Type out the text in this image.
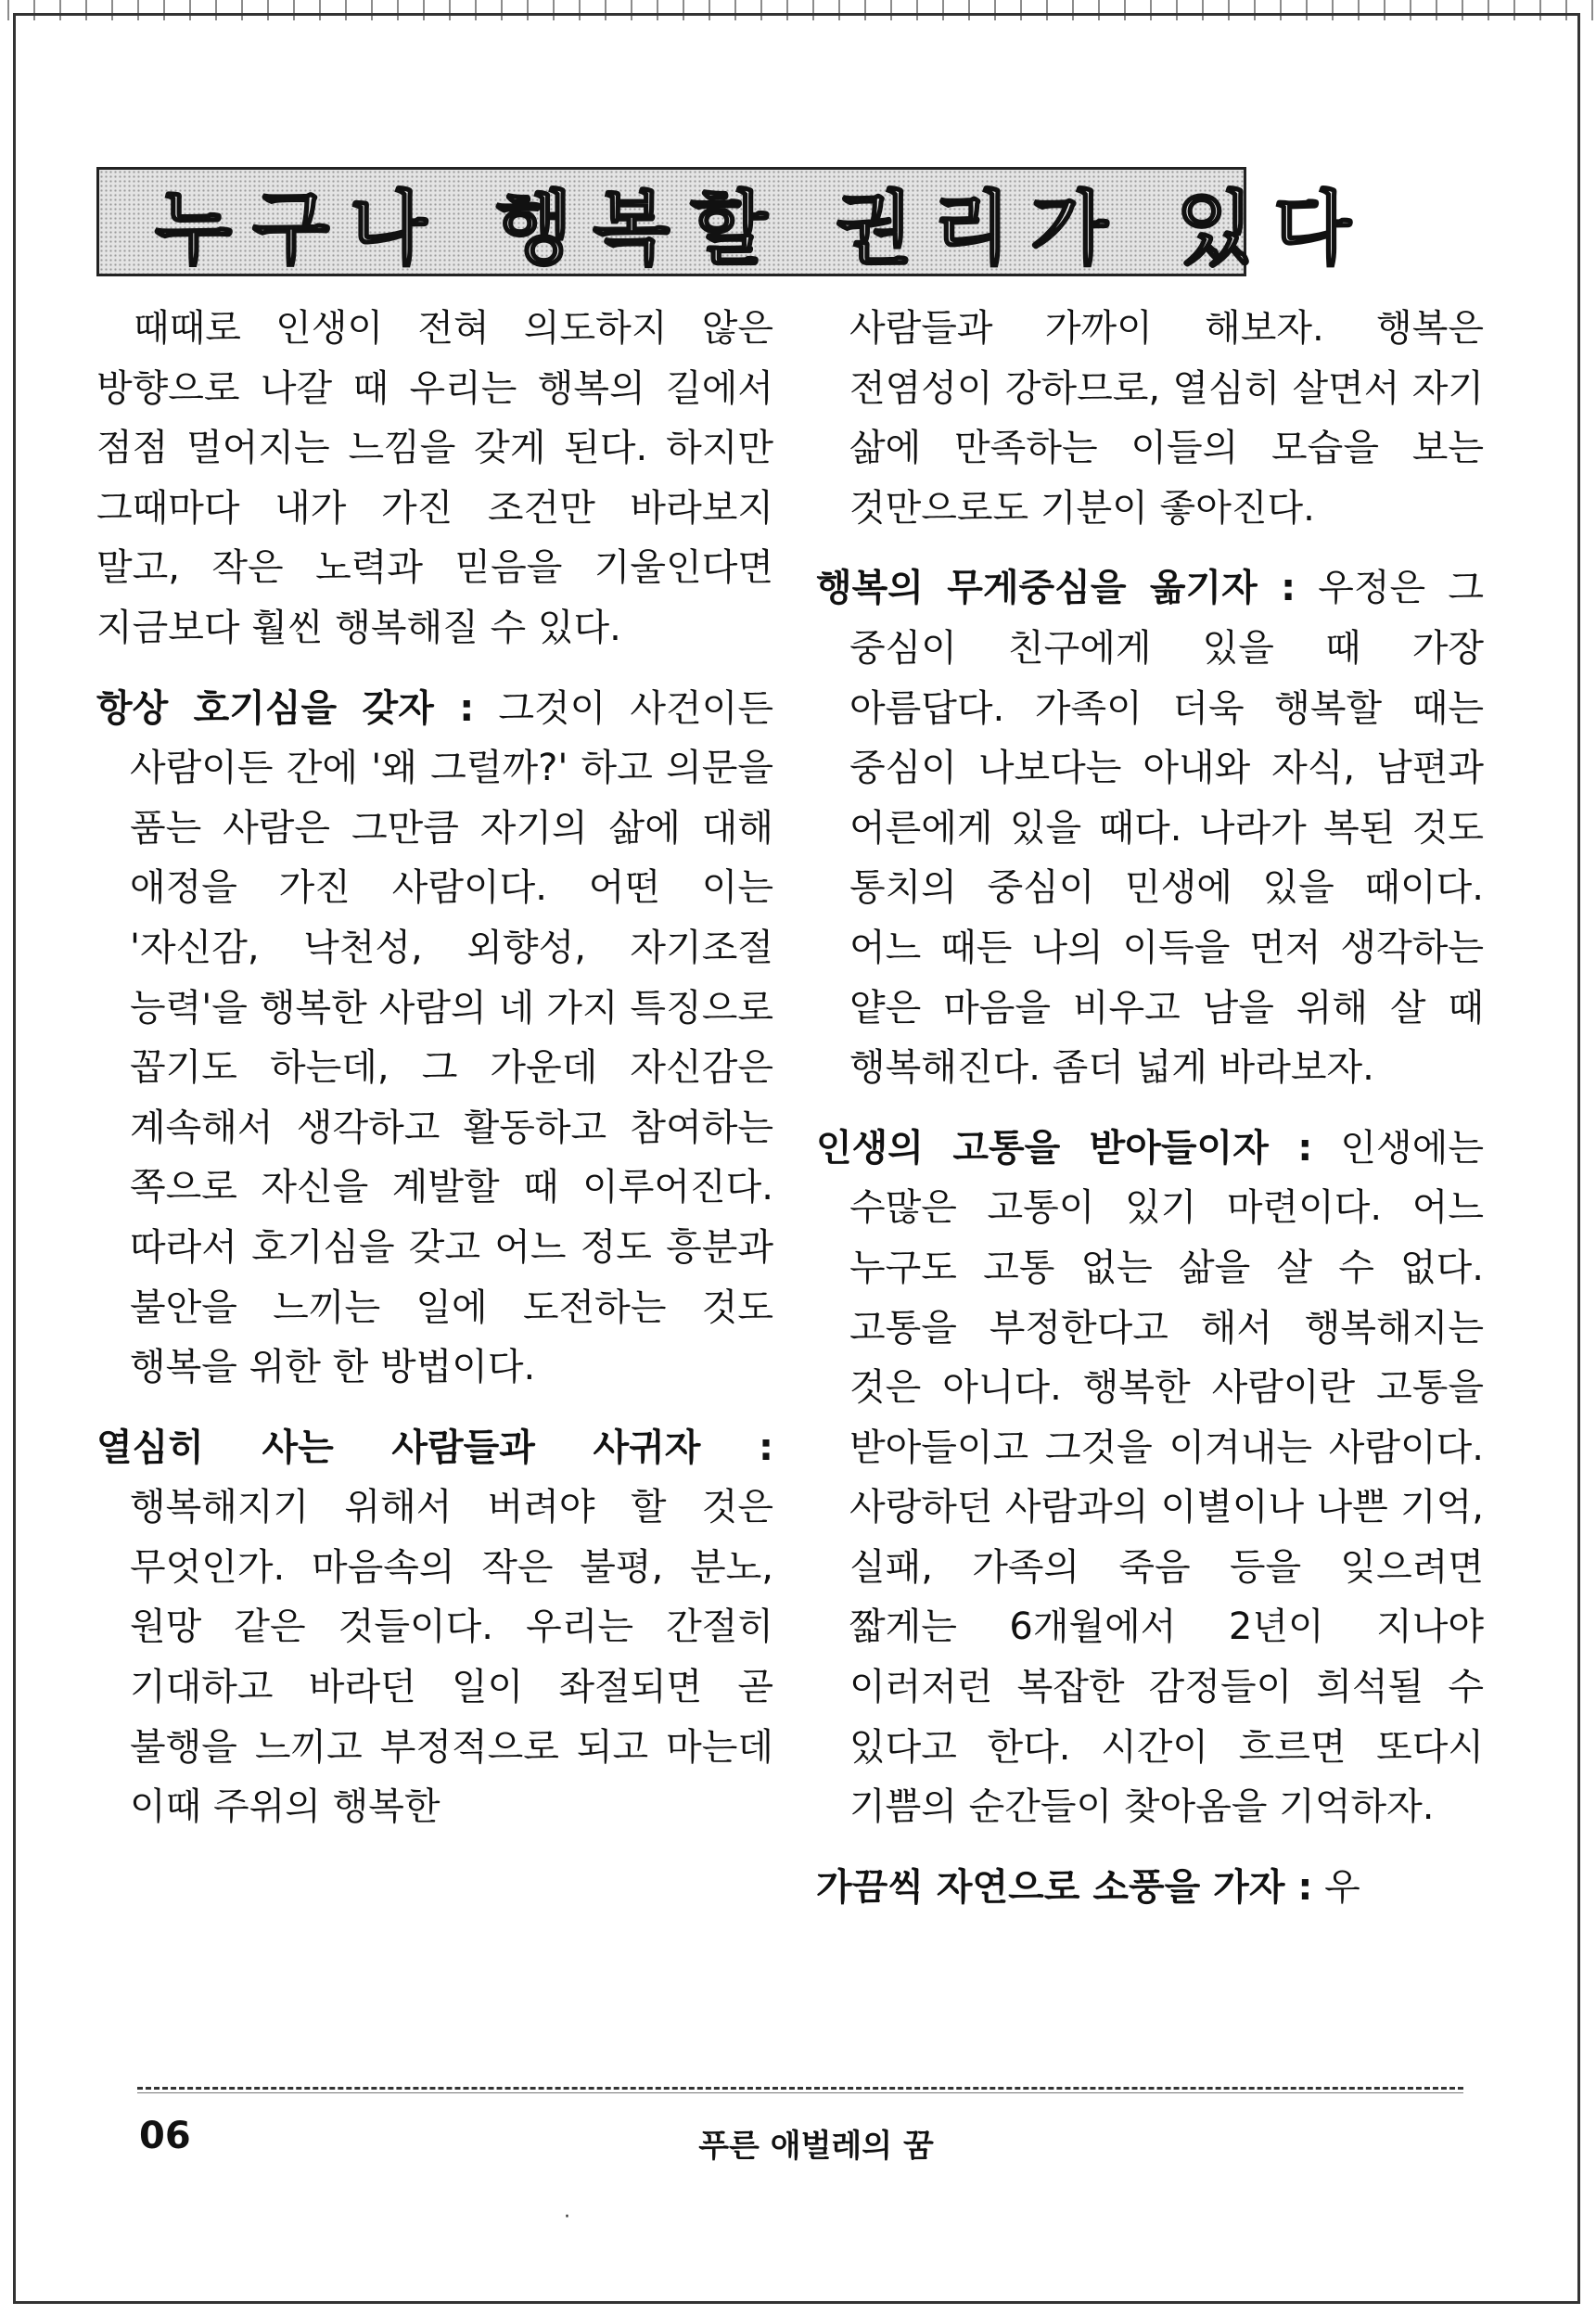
누구나 행복할 권리가 있다

때때로 인생이 전혀 의도하지 않은 방향으로 나갈 때 우리는 행복의 길에서 점점 멀어지는 느낌을 갖게 된다. 하지만 그때마다 내가 가진 조건만 바라보지 말고, 작은 노력과 믿음을 기울인다면 지금보다 훨씬 행복해질 수 있다.

항상 호기심을 갖자 : 그것이 사건이든 사람이든 간에 '왜 그럴까?' 하고 의문을 품는 사람은 그만큼 자기의 삶에 대해 애정을 가진 사람이다. 어떤 이는 '자신감, 낙천성, 외향성, 자기조절 능력'을 행복한 사람의 네 가지 특징으로 꼽기도 하는데, 그 가운데 자신감은 계속해서 생각하고 활동하고 참여하는 쪽으로 자신을 계발할 때 이루어진다. 따라서 호기심을 갖고 어느 정도 흥분과 불안을 느끼는 일에 도전하는 것도 행복을 위한 한 방법이다.

열심히 사는 사람들과 사귀자 : 행복해지기 위해서 버려야 할 것은 무엇인가. 마음속의 작은 불평, 분노, 원망 같은 것들이다. 우리는 간절히 기대하고 바라던 일이 좌절되면 곧 불행을 느끼고 부정적으로 되고 마는데 이때 주위의 행복한

사람들과 가까이 해보자. 행복은 전염성이 강하므로, 열심히 살면서 자기 삶에 만족하는 이들의 모습을 보는 것만으로도 기분이 좋아진다.

행복의 무게중심을 옮기자 : 우정은 그 중심이 친구에게 있을 때 가장 아름답다. 가족이 더욱 행복할 때는 중심이 나보다는 아내와 자식, 남편과 어른에게 있을 때다. 나라가 복된 것도 통치의 중심이 민생에 있을 때이다. 어느 때든 나의 이득을 먼저 생각하는 얕은 마음을 비우고 남을 위해 살 때 행복해진다. 좀더 넓게 바라보자.

인생의 고통을 받아들이자 : 인생에는 수많은 고통이 있기 마련이다. 어느 누구도 고통 없는 삶을 살 수 없다. 고통을 부정한다고 해서 행복해지는 것은 아니다. 행복한 사람이란 고통을 받아들이고 그것을 이겨내는 사람이다. 사랑하던 사람과의 이별이나 나쁜 기억, 실패, 가족의 죽음 등을 잊으려면 짧게는 6개월에서 2년이 지나야 이러저런 복잡한 감정들이 희석될 수 있다고 한다. 시간이 흐르면 또다시 기쁨의 순간들이 찾아옴을 기억하자.

가끔씩 자연으로 소풍을 가자 : 우

06	푸른 애벌레의 꿈
·
